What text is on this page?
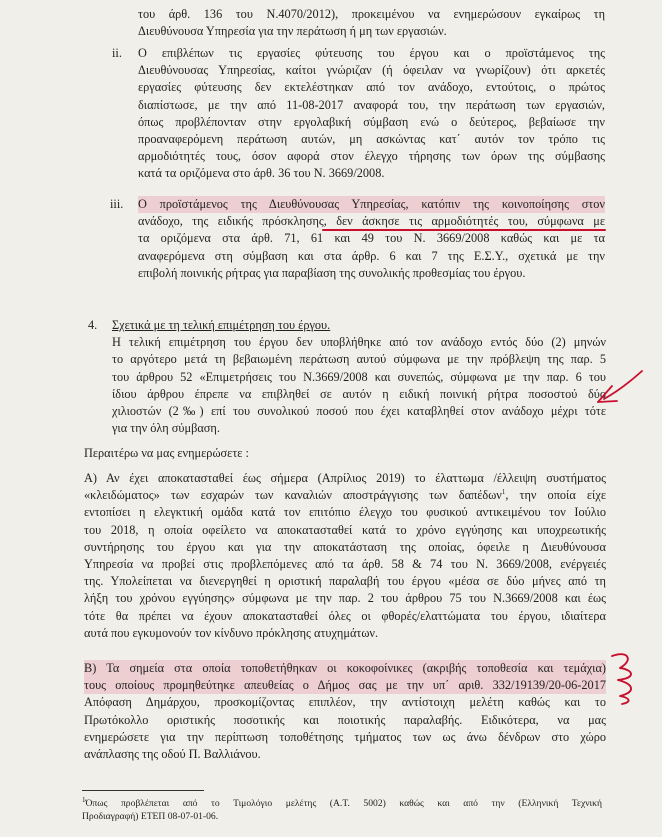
του άρθ. 136 του Ν.4070/2012), προκειμένου να ενημερώσουν εγκαίρως τη
Διευθύνουσα Υπηρεσία για την περάτωση ή μη των εργασιών.
ii. Ο επιβλέπων τις εργασίες φύτευσης του έργου και ο προϊστάμενος της
Διευθύνουσας Υπηρεσίας, καίτοι γνώριζαν (ή όφειλαν να γνωρίζουν) ότι αρκετές
εργασίες φύτευσης δεν εκτελέστηκαν από τον ανάδοχο, εντούτοις, ο πρώτος
διαπίστωσε, με την από 11-08-2017 αναφορά του, την περάτωση των εργασιών,
όπως προβλέπονταν στην εργολαβική σύμβαση ενώ ο δεύτερος, βεβαίωσε την
προαναφερόμενη περάτωση αυτών, μη ασκώντας κατ΄ αυτόν τον τρόπο τις
αρμοδιότητές τους, όσον αφορά στον έλεγχο τήρησης των όρων της σύμβασης
κατά τα οριζόμενα στο άρθ. 36 του Ν. 3669/2008.
iii. Ο προϊστάμενος της Διευθύνουσας Υπηρεσίας, κατόπιν της κοινοποίησης στον
ανάδοχο, της ειδικής πρόσκλησης, δεν άσκησε τις αρμοδιότητές του, σύμφωνα με
τα οριζόμενα στα άρθ. 71, 61 και 49 του Ν. 3669/2008 καθώς και με τα
αναφερόμενα στη σύμβαση και στα άρθρ. 6 και 7 της Ε.Σ.Υ., σχετικά με την
επιβολή ποινικής ρήτρας για παραβίαση της συνολικής προθεσμίας του έργου.
4. Σχετικά με τη τελική επιμέτρηση του έργου.
Η τελική επιμέτρηση του έργου δεν υποβλήθηκε από τον ανάδοχο εντός δύο (2) μηνών
το αργότερο μετά τη βεβαιωμένη περάτωση αυτού σύμφωνα με την πρόβλεψη της παρ. 5
του άρθρου 52 «Επιμετρήσεις του Ν.3669/2008 και συνεπώς, σύμφωνα με την παρ. 6 του
ίδιου άρθρου έπρεπε να επιβληθεί σε αυτόν η ειδική ποινική ρήτρα ποσοστού δύο
χιλιοστών (2‰) επί του συνολικού ποσού που έχει καταβληθεί στον ανάδοχο μέχρι τότε
για την όλη σύμβαση.
Περαιτέρω να μας ενημερώσετε :
Α) Αν έχει αποκατασταθεί έως σήμερα (Απρίλιος 2019) το έλαττωμα /έλλειψη συστήματος
«κλειδώματος» των εσχαρών των καναλιών αποστράγγισης των δαπέδων$^1$, την οποία είχε
εντοπίσει η ελεγκτική ομάδα κατά τον επιτόπιο έλεγχο του φυσικού αντικειμένου τον Ιούλιο
του 2018, η οποία οφείλετο να αποκατασταθεί κατά το χρόνο εγγύησης και υποχρεωτικής
συντήρησης του έργου και για την αποκατάσταση της οποίας, όφειλε η Διευθύνουσα
Υπηρεσία να προβεί στις προβλεπόμενες από τα άρθ. 58 & 74 του Ν. 3669/2008, ενέργειές
της. Υπολείπεται να διενεργηθεί η οριστική παραλαβή του έργου «μέσα σε δύο μήνες από τη
λήξη του χρόνου εγγύησης» σύμφωνα με την παρ. 2 του άρθρου 75 του Ν.3669/2008 και έως
τότε θα πρέπει να έχουν αποκατασταθεί όλες οι φθορές/ελαττώματα του έργου, ιδιαίτερα
αυτά που εγκυμονούν τον κίνδυνο πρόκλησης ατυχημάτων.
Β) Τα σημεία στα οποία τοποθετήθηκαν οι κοκοφοίνικες (ακριβής τοποθεσία και τεμάχια)
τους οποίους προμηθεύτηκε απευθείας ο Δήμος σας με την υπ΄ αριθ. 332/19139/20-06-2017
Απόφαση Δημάρχου, προσκομίζοντας επιπλέον, την αντίστοιχη μελέτη καθώς και το
Πρωτόκολλο οριστικής ποσοτικής και ποιοτικής παραλαβής. Ειδικότερα, να μας
ενημερώσετε για την περίπτωση τοποθέτησης τμήματος των ως άνω δένδρων στο χώρο
ανάπλασης της οδού Π. Βαλλιάνου.
$^1$Όπως προβλέπεται από το Τιμολόγιο μελέτης (Α.Τ. 5002) καθώς και από την (Ελληνική Τεχνική
Προδιαγραφή) ΕΤΕΠ 08-07-01-06.
